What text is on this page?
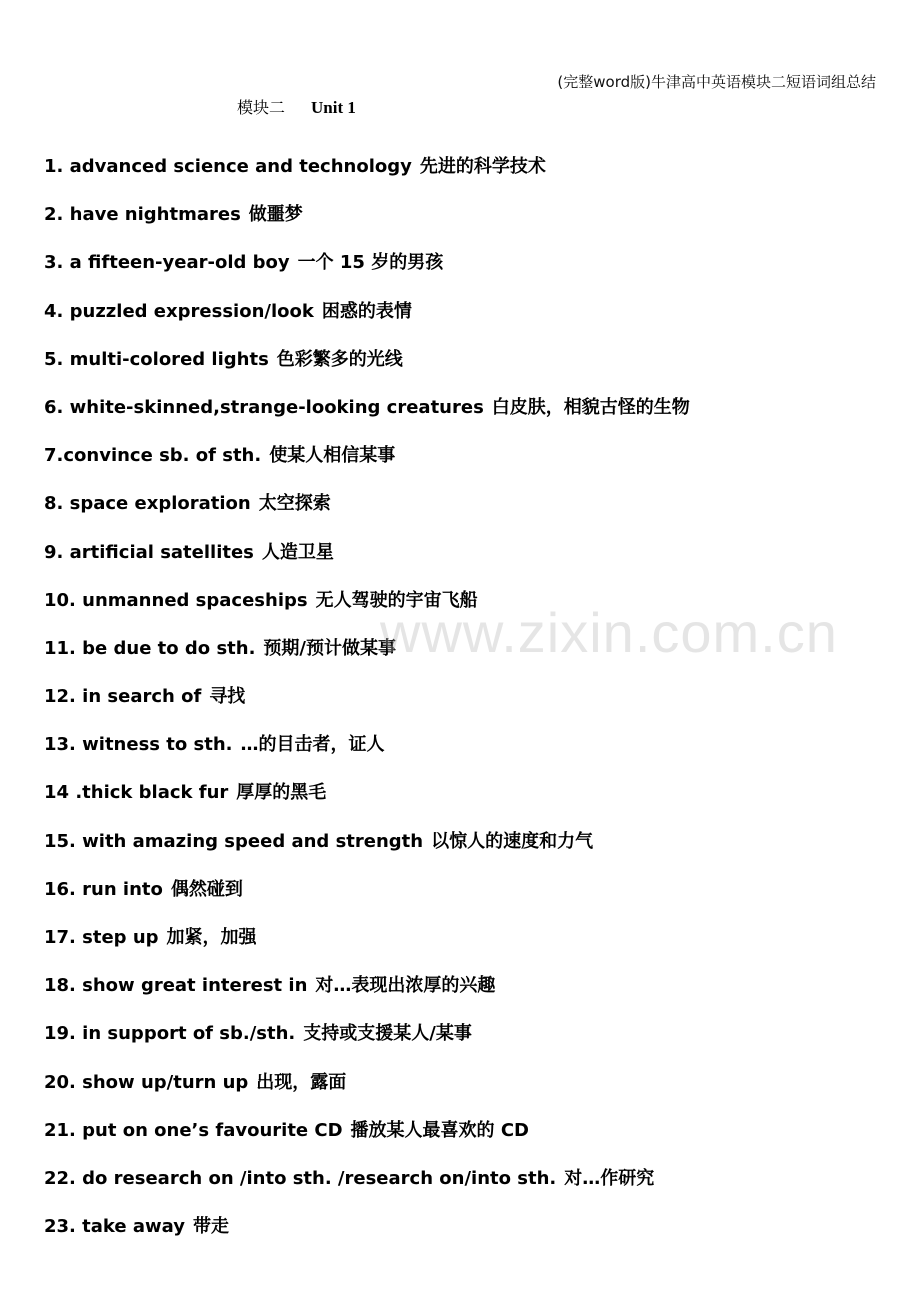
(完整word版)牛津高中英语模块二短语词组总结
模块二 Unit 1
1. advanced science and technology 先进的科学技术
2. have nightmares 做噩梦
3. a fifteen-year-old boy 一个 15 岁的男孩
4. puzzled expression/look 困惑的表情
5. multi-colored lights 色彩繁多的光线
6. white-skinned,strange-looking creatures 白皮肤，相貌古怪的生物
7.convince sb. of sth. 使某人相信某事
8. space exploration 太空探索
9. artificial satellites 人造卫星
10. unmanned spaceships 无人驾驶的宇宙飞船
11. be due to do sth. 预期/预计做某事
12. in search of 寻找
13. witness to sth. …的目击者，证人
14 .thick black fur 厚厚的黑毛
15. with amazing speed and strength 以惊人的速度和力气
16. run into 偶然碰到
17. step up 加紧，加强
18. show great interest in 对…表现出浓厚的兴趣
19. in support of sb./sth. 支持或支援某人/某事
20. show up/turn up 出现，露面
21. put on one’s favourite CD 播放某人最喜欢的 CD
22. do research on /into sth. /research on/into sth. 对…作研究
23. take away 带走
www.zixin.com.cn
